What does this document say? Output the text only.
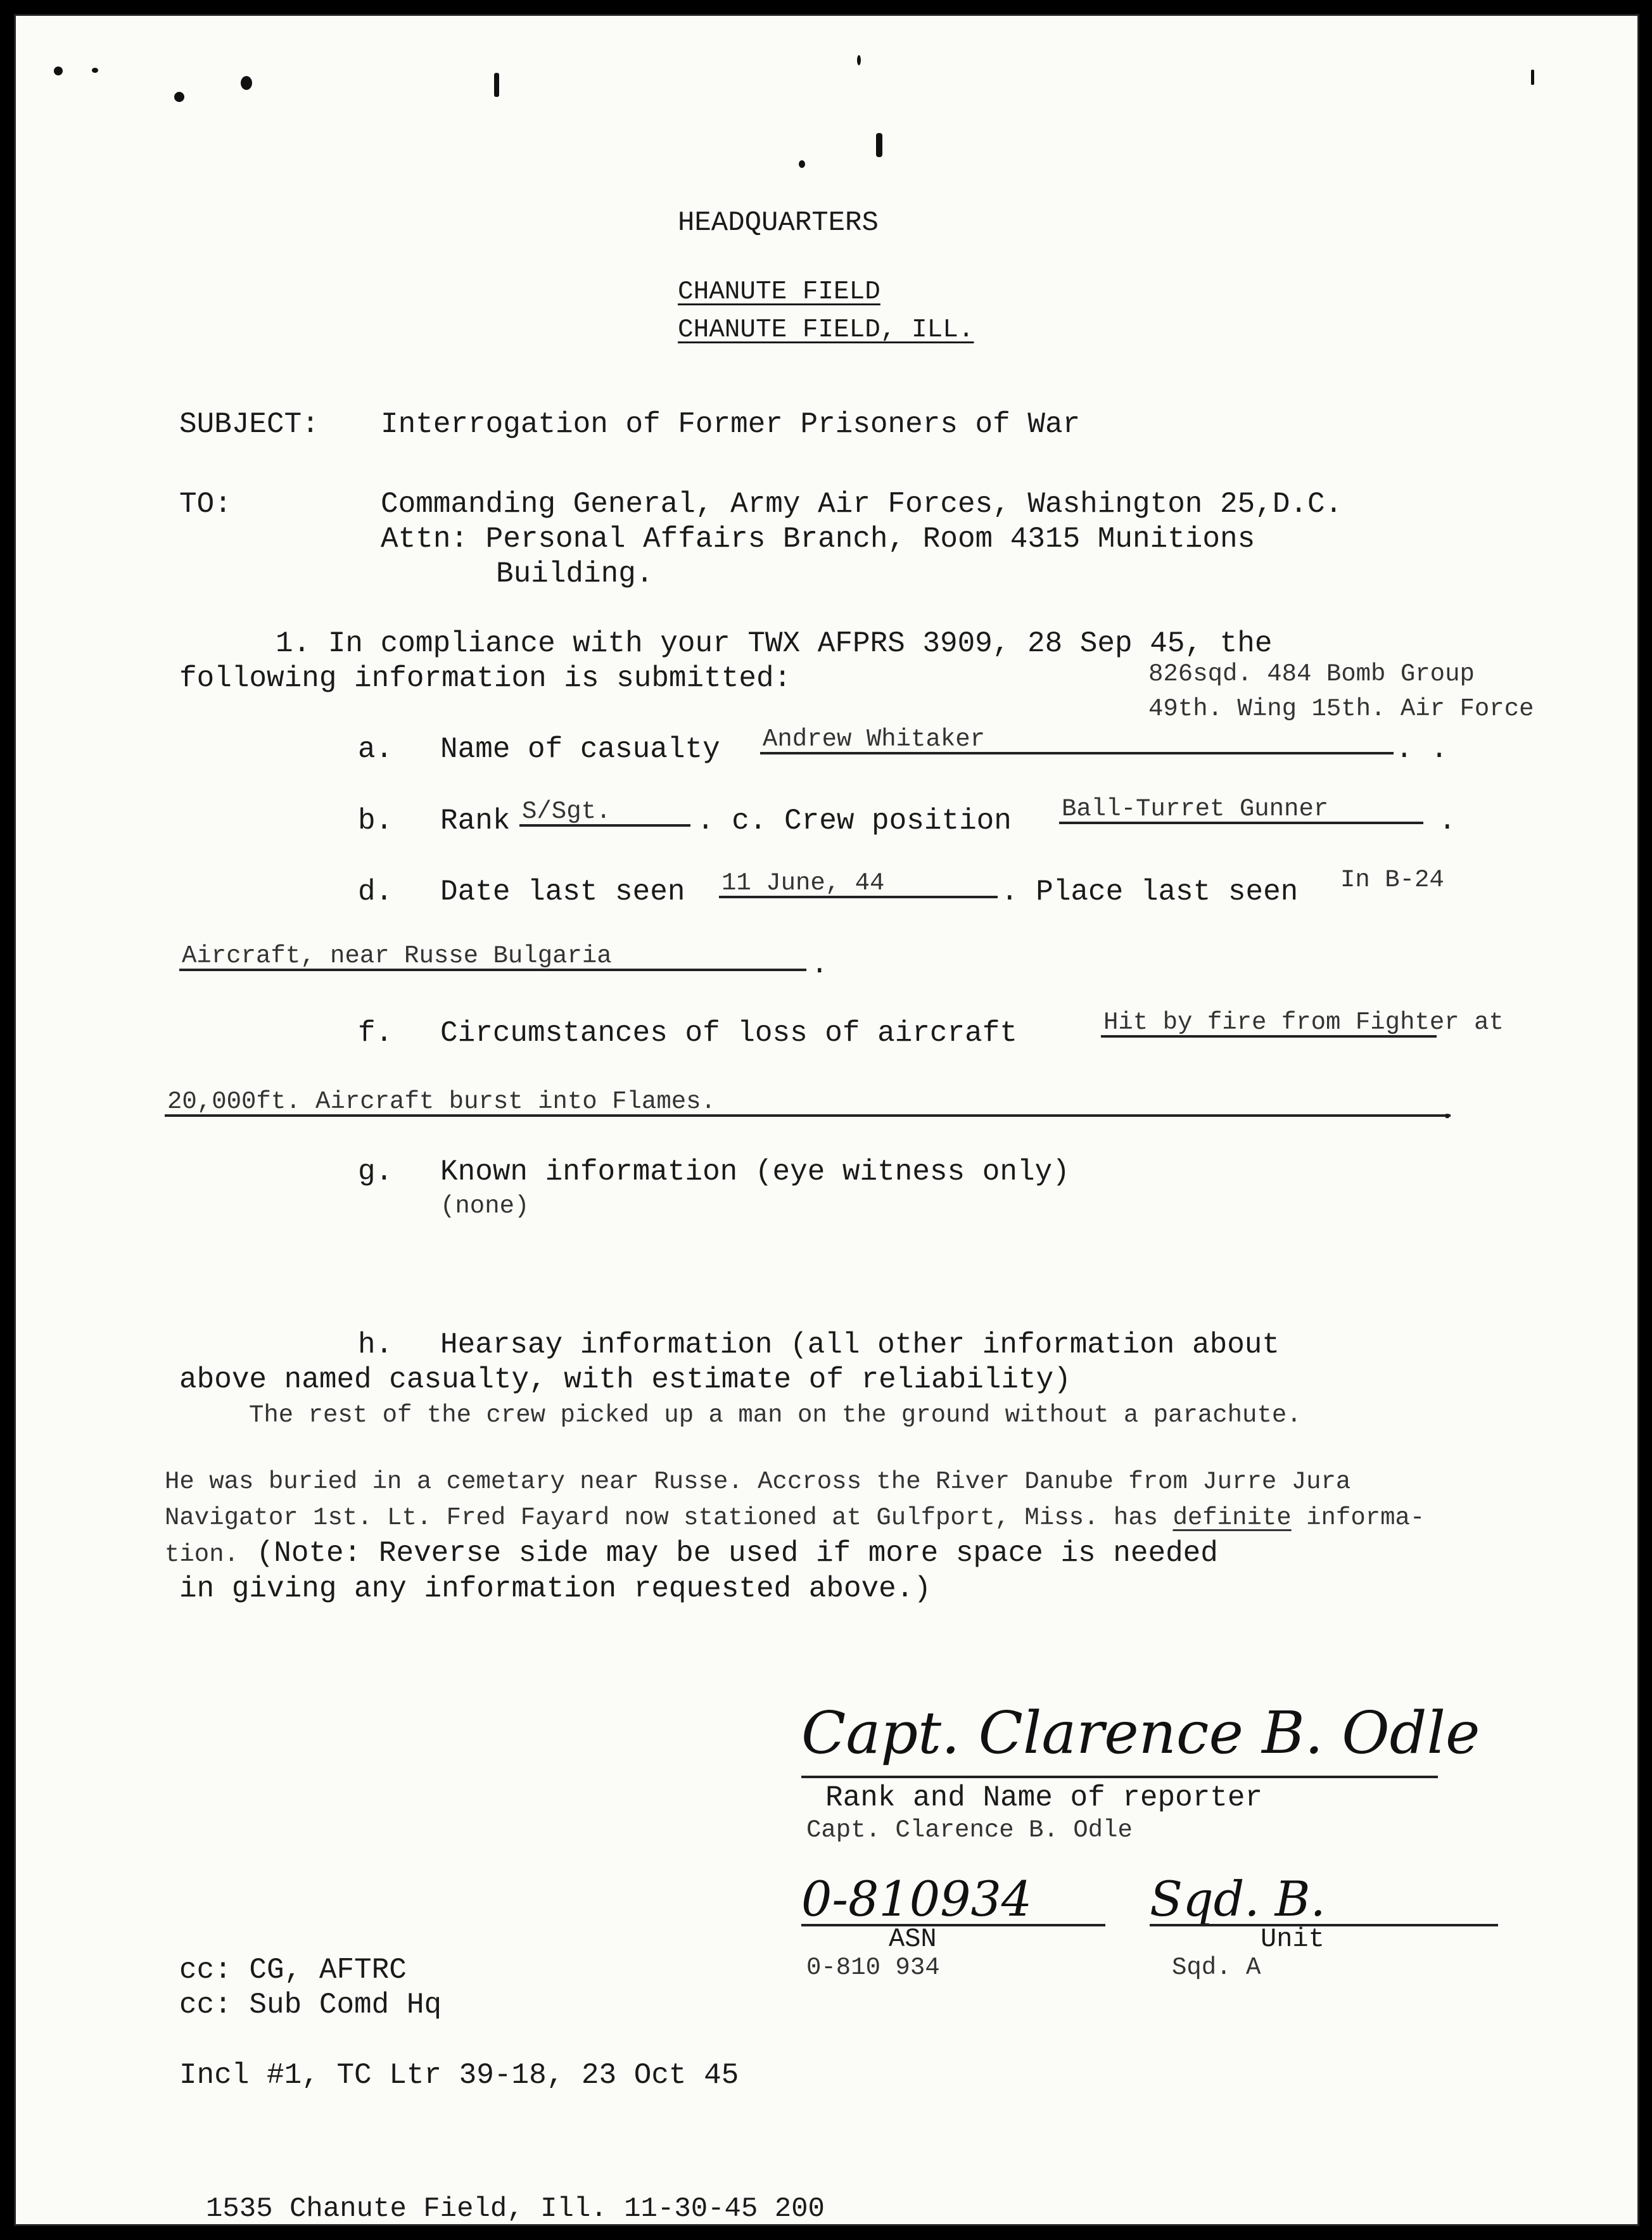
HEADQUARTERS
CHANUTE FIELD
CHANUTE FIELD, ILL.
SUBJECT: Interrogation of Former Prisoners of War
TO:	Commanding General, Army Air Forces, Washington 25,D.C.
Attn: Personal Affairs Branch, Room 4315 Munitions
Building.
1. In compliance with your TWX AFPRS 3909, 28 Sep 45, the
following information is submitted:	826sqd. 484 Bomb Group
49th. Wing 15th. Air Force
a. Name of casualty Andrew Whitaker	. .
b. Rank S/Sgt.	. c. Crew position Ball-Turret Gunner	.
d. Date last seen 11 June, 44	. Place last seen In B-24
Aircraft, near Russe Bulgaria	.
f. Circumstances of loss of aircraft	Hit by fire from Fighter at
20,000ft. Aircraft burst into Flames.	.
g. Known information (eye witness only)
(none)
h. Hearsay information (all other information about
above named casualty, with estimate of reliability)
The rest of the crew picked up a man on the ground without a parachute.
He was buried in a cemetary near Russe. Accross the River Danube from Jurre Jura
Navigator 1st. Lt. Fred Fayard now stationed at Gulfport, Miss. has definite informa-
tion. (Note: Reverse side may be used if more space is needed
in giving any information requested above.)
Capt. Clarence B. Odle
Rank and Name of reporter
Capt. Clarence B. Odle
0-810934
ASN
0-810 934
Sqd. B.
Unit
Sqd. A
cc: CG, AFTRC
cc: Sub Comd Hq
Incl #1, TC Ltr 39-18, 23 Oct 45
1535 Chanute Field, Ill. 11-30-45 200
